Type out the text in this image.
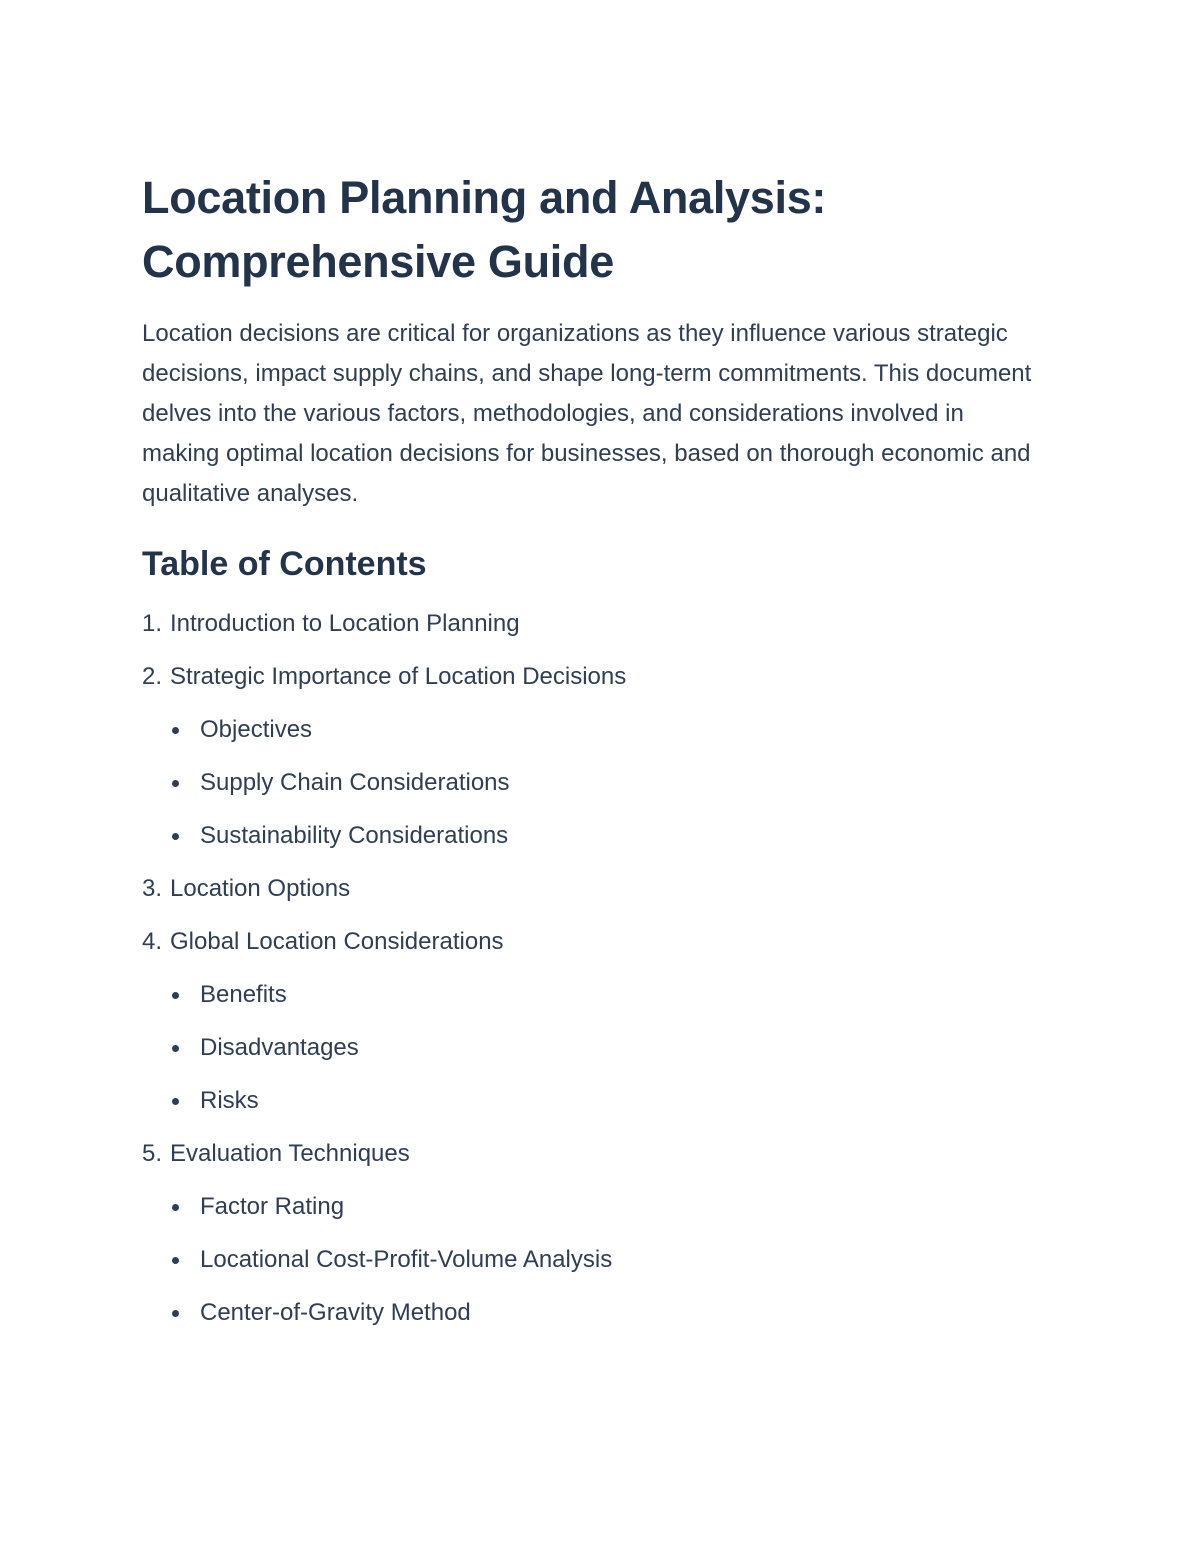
Location Planning and Analysis:
Comprehensive Guide

Location decisions are critical for organizations as they influence various strategic decisions, impact supply chains, and shape long-term commitments. This document delves into the various factors, methodologies, and considerations involved in making optimal location decisions for businesses, based on thorough economic and qualitative analyses.

Table of Contents
1. Introduction to Location Planning
2. Strategic Importance of Location Decisions
Objectives
Supply Chain Considerations
Sustainability Considerations
3. Location Options
4. Global Location Considerations
Benefits
Disadvantages
Risks
5. Evaluation Techniques
Factor Rating
Locational Cost-Profit-Volume Analysis
Center-of-Gravity Method
